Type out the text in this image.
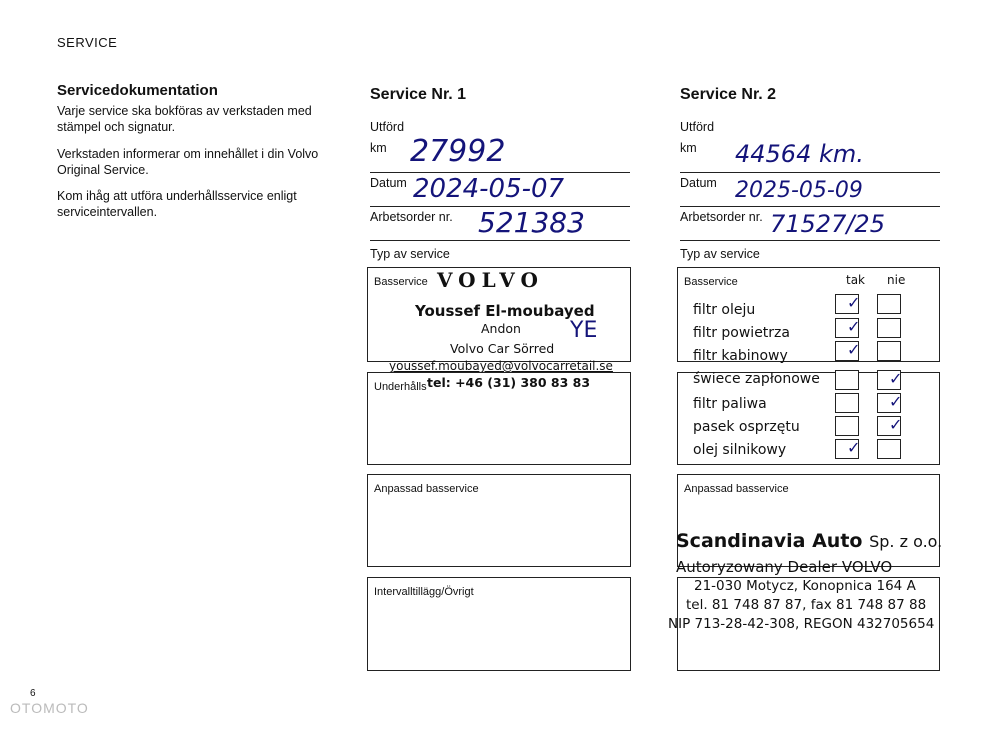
SERVICE
Servicedokumentation
Varje service ska bokföras av verkstaden med stämpel och signatur.
Verkstaden informerar om innehållet i din Volvo Original Service.
Kom ihåg att utföra underhållsservice enligt serviceintervallen.
Service Nr. 1
Utförd
km 27992
Datum 2024-05-07
Arbetsorder nr. 521383
Typ av service
Basservice
Underhålls
Anpassad basservice
Intervalltillägg/Övrigt
VOLVO
Youssef El-moubayed
Andon
Volvo Car Sörred
youssef.moubayed@volvocarretail.se
tel: +46 (31) 380 83 83
YE
Service Nr. 2
Utförd
km 44564 km.
Datum 2025-05-09
Arbetsorder nr. 71527/25
Typ av service
Basservice
Anpassad basservice
tak nie
filtr oleju
filtr powietrza
filtr kabinowy
świece zapłonowe
filtr paliwa
pasek osprzętu
olej silnikowy
✓
✓
✓
✓
✓
✓
✓
Scandinavia Auto Sp. z o.o.
Autoryzowany Dealer VOLVO
21-030 Motycz, Konopnica 164 A
tel. 81 748 87 87, fax 81 748 87 88
NIP 713-28-42-308, REGON 432705654
6
OTOMOTO
